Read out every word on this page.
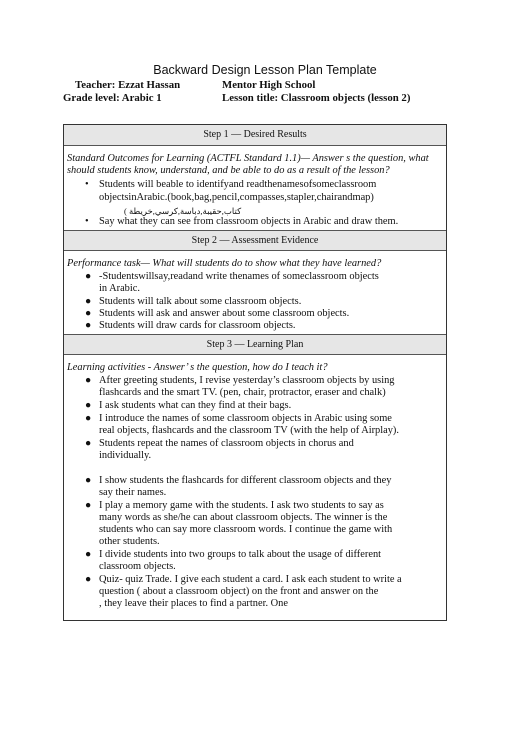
Backward Design Lesson Plan Template
Teacher: Ezzat Hassan	Mentor High School
Grade level: Arabic 1	Lesson title: Classroom objects (lesson 2)
Step 1 — Desired Results
Standard Outcomes for Learning (ACTFL Standard 1.1)— Answer s the question, what
should students know, understand, and be able to do as a result of the lesson?
• Students will beable to identifyand readthenamesofsomeclassroom
objectsinArabic.(book,bag,pencil,compasses,stapler,chairandmap)
( كتاب,حقيبة,دباسة,كرسي,خريطة
• Say what they can see from classroom objects in Arabic and draw them.
Step 2 — Assessment Evidence
Performance task— What will students do to show what they have learned?
● -Studentswillsay,readand write thenames of someclassroom objects
in Arabic.
● Students will talk about some classroom objects.
● Students will ask and answer about some classroom objects.
● Students will draw cards for classroom objects.
Step 3 — Learning Plan
Learning activities - Answer’ s the question, how do I teach it?
● After greeting students, I revise yesterday’s classroom objects by using
flashcards and the smart TV. (pen, chair, protractor, eraser and chalk)
● I ask students what can they find at their bags.
● I introduce the names of some classroom objects in Arabic using some
real objects, flashcards and the classroom TV (with the help of Airplay).
● Students repeat the names of classroom objects in chorus and
individually.
● I show students the flashcards for different classroom objects and they
say their names.
● I play a memory game with the students. I ask two students to say as
many words as she/he can about classroom objects. The winner is the
students who can say more classroom words. I continue the game with
other students.
● I divide students into two groups to talk about the usage of different
classroom objects.
● Quiz- quiz Trade. I give each student a card. I ask each student to write a
question ( about a classroom object) on the front and answer on the
, they leave their places to find a partner. One
